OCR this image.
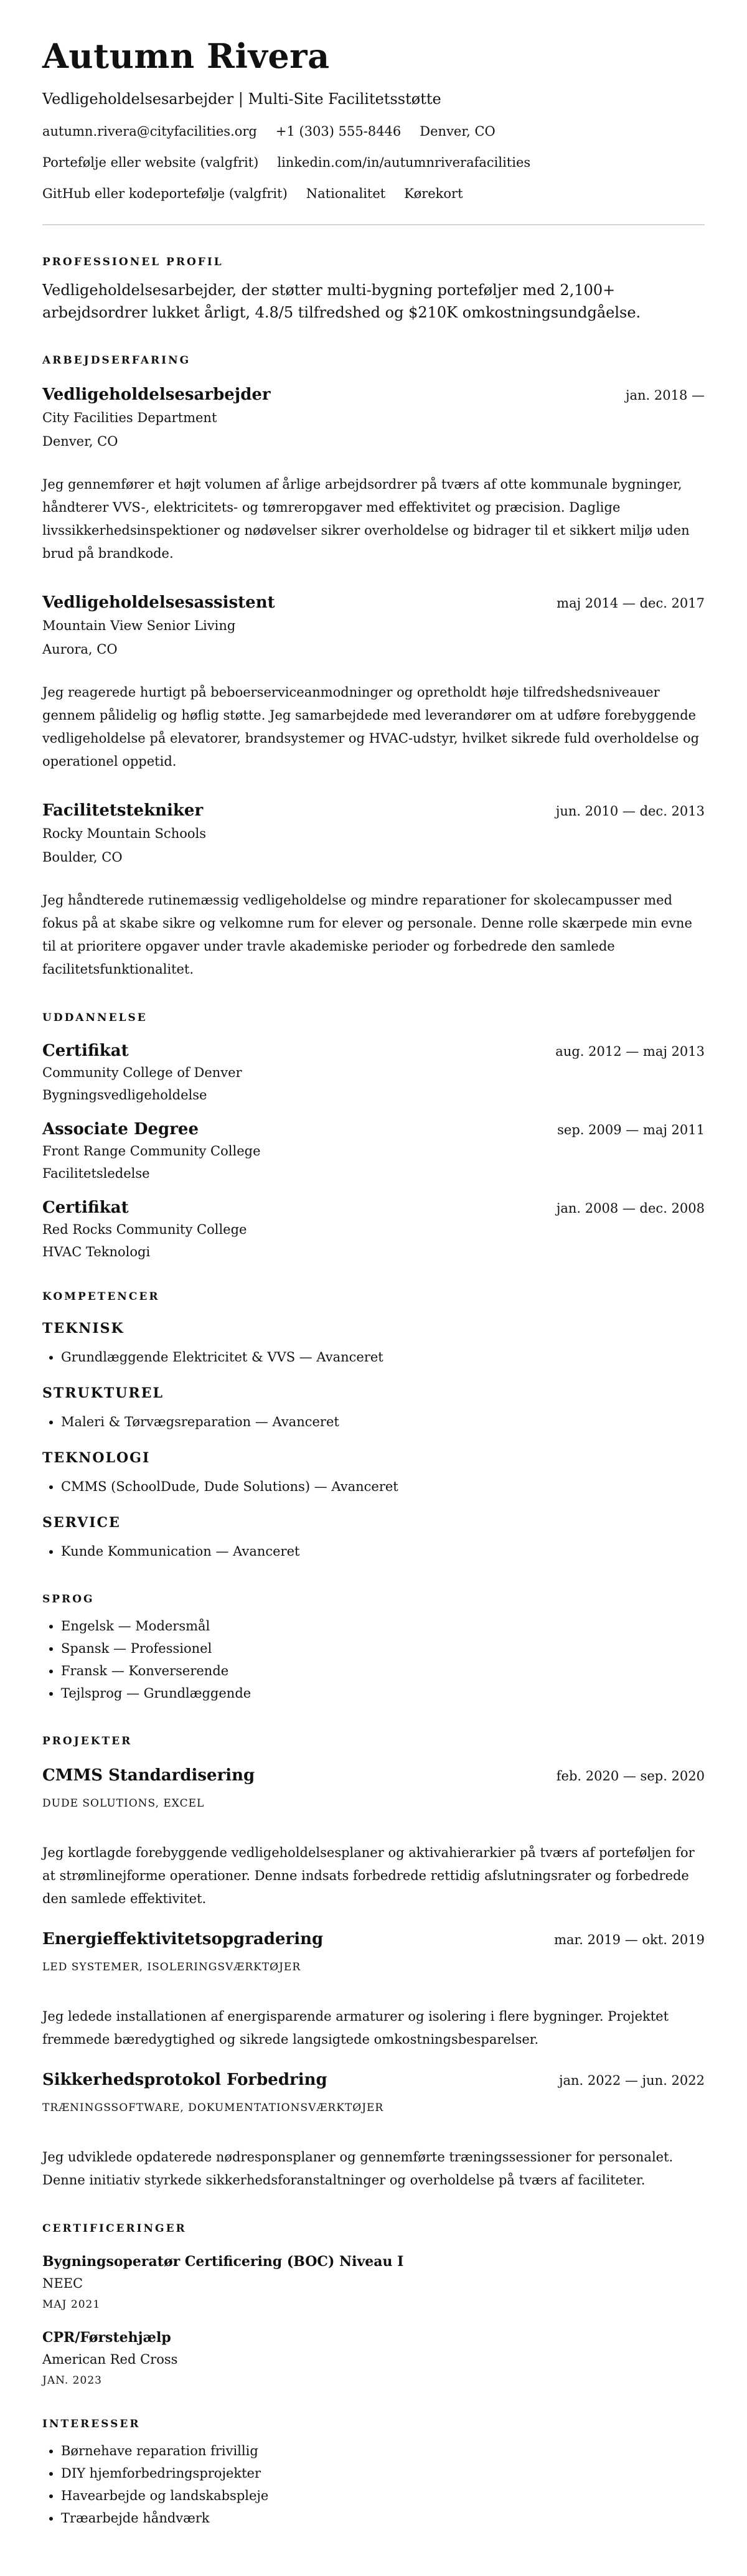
Autumn Rivera
Vedligeholdelsesarbejder | Multi-Site Facilitetsstøtte
autumn.rivera@cityfacilities.org +1 (303) 555-8446 Denver, CO
Portefølje eller website (valgfrit) linkedin.com/in/autumnriverafacilities
GitHub eller kodeportefølje (valgfrit) Nationalitet Kørekort
PROFESSIONEL PROFIL
Vedligeholdelsesarbejder, der støtter multi-bygning porteføljer med 2,100+ arbejdsordrer lukket årligt, 4.8/5 tilfredshed og $210K omkostningsundgåelse.
ARBEJDSERFARING
Vedligeholdelsesarbejder	jan. 2018 —
City Facilities Department
Denver, CO
Jeg gennemfører et højt volumen af årlige arbejdsordrer på tværs af otte kommunale bygninger, håndterer VVS-, elektricitets- og tømreropgaver med effektivitet og præcision. Daglige livssikkerhedsinspektioner og nødøvelser sikrer overholdelse og bidrager til et sikkert miljø uden brud på brandkode.
Vedligeholdelsesassistent	maj 2014 — dec. 2017
Mountain View Senior Living
Aurora, CO
Jeg reagerede hurtigt på beboerserviceanmodninger og opretholdt høje tilfredshedsniveauer gennem pålidelig og høflig støtte. Jeg samarbejdede med leverandører om at udføre forebyggende vedligeholdelse på elevatorer, brandsystemer og HVAC-udstyr, hvilket sikrede fuld overholdelse og operationel oppetid.
Facilitetstekniker	jun. 2010 — dec. 2013
Rocky Mountain Schools
Boulder, CO
Jeg håndterede rutinemæssig vedligeholdelse og mindre reparationer for skolecampusser med fokus på at skabe sikre og velkomne rum for elever og personale. Denne rolle skærpede min evne til at prioritere opgaver under travle akademiske perioder og forbedrede den samlede facilitetsfunktionalitet.
UDDANNELSE
Certifikat	aug. 2012 — maj 2013
Community College of Denver
Bygningsvedligeholdelse
Associate Degree	sep. 2009 — maj 2011
Front Range Community College
Facilitetsledelse
Certifikat	jan. 2008 — dec. 2008
Red Rocks Community College
HVAC Teknologi
KOMPETENCER
TEKNISK
• Grundlæggende Elektricitet & VVS — Avanceret
STRUKTUREL
• Maleri & Tørvægsreparation — Avanceret
TEKNOLOGI
• CMMS (SchoolDude, Dude Solutions) — Avanceret
SERVICE
• Kunde Kommunication — Avanceret
SPROG
• Engelsk — Modersmål
• Spansk — Professionel
• Fransk — Konverserende
• Tejlsprog — Grundlæggende
PROJEKTER
CMMS Standardisering	feb. 2020 — sep. 2020
DUDE SOLUTIONS, EXCEL
Jeg kortlagde forebyggende vedligeholdelsesplaner og aktivahierarkier på tværs af porteføljen for at strømlinejforme operationer. Denne indsats forbedrede rettidig afslutningsrater og forbedrede den samlede effektivitet.
Energieffektivitetsopgradering	mar. 2019 — okt. 2019
LED SYSTEMER, ISOLERINGSVÆRKTØJER
Jeg ledede installationen af energisparende armaturer og isolering i flere bygninger. Projektet fremmede bæredygtighed og sikrede langsigtede omkostningsbesparelser.
Sikkerhedsprotokol Forbedring	jan. 2022 — jun. 2022
TRÆNINGSSOFTWARE, DOKUMENTATIONSVÆRKTØJER
Jeg udviklede opdaterede nødresponsplaner og gennemførte træningssessioner for personalet. Denne initiativ styrkede sikkerhedsforanstaltninger og overholdelse på tværs af faciliteter.
CERTIFICERINGER
Bygningsoperatør Certificering (BOC) Niveau I
NEEC
MAJ 2021
CPR/Førstehjælp
American Red Cross
JAN. 2023
INTERESSER
• Børnehave reparation frivillig
• DIY hjemforbedringsprojekter
• Havearbejde og landskabspleje
• Træarbejde håndværk
